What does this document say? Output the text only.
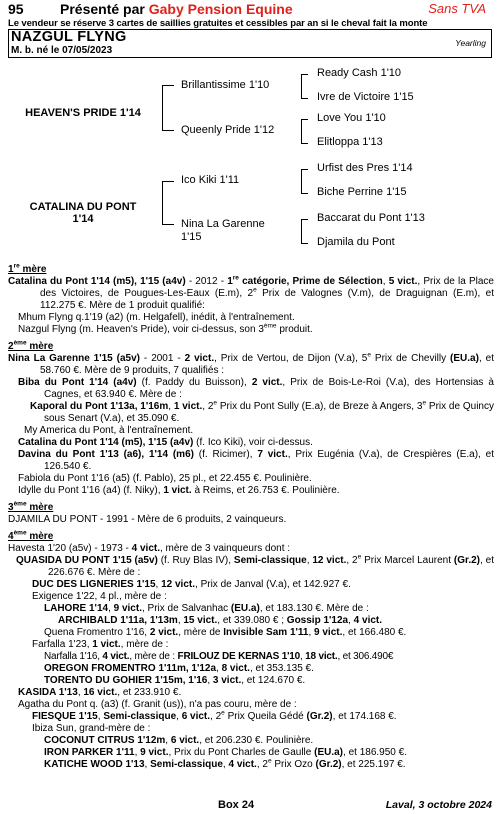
95	Présenté par Gaby Pension Equine	Sans TVA
Le vendeur se réserve 3 cartes de saillies gratuites et cessibles par an si le cheval fait la monte
NAZGUL FLYNG
M. b. né le 07/05/2023
Yearling
HEAVEN'S PRIDE 1'14
CATALINA DU PONT
1'14
Brillantissime 1'10
Queenly Pride 1'12
Ico Kiki 1'11
Nina La Garenne
1'15
Ready Cash 1'10
Ivre de Victoire 1'15
Love You 1'10
Elitloppa 1'13
Urfist des Pres 1'14
Biche Perrine 1'15
Baccarat du Pont 1'13
Djamila du Pont

1re mère

Catalina du Pont 1'14 (m5), 1'15 (a4v) - 2012 - 1re catégorie, Prime de Sélection, 5 vict., Prix de la Place des Victoires, de Pougues-Les-Eaux (E.m), 2e Prix de Valognes (V.m), de Draguignan (E.m), et 112.275 €. Mère de 1 produit qualifié:

Mhum Flyng q.1'19 (a2) (m. Helgafell), inédit, à l'entraînement.

Nazgul Flyng (m. Heaven's Pride), voir ci-dessus, son 3ème produit.

2ème mère

Nina La Garenne 1'15 (a5v) - 2001 - 2 vict., Prix de Vertou, de Dijon (V.a), 5e Prix de Chevilly (EU.a), et 58.760 €. Mère de 9 produits, 7 qualifiés :

Biba du Pont 1'14 (a4v) (f. Paddy du Buisson), 2 vict., Prix de Bois-Le-Roi (V.a), des Hortensias à Cagnes, et 63.940 €. Mère de :

Kaporal du Pont 1'13a, 1'16m, 1 vict., 2e Prix du Pont Sully (E.a), de Breze à Angers, 3e Prix de Quincy sous Senart (V.a), et 35.090 €.

My America du Pont, à l'entraînement.

Catalina du Pont 1'14 (m5), 1'15 (a4v) (f. Ico Kiki), voir ci-dessus.

Davina du Pont 1'13 (a6), 1'14 (m6) (f. Ricimer), 7 vict., Prix Eugénia (V.a), de Crespières (E.a), et 126.540 €.

Fabiola du Pont 1'16 (a5) (f. Pablo), 25 pl., et 22.455 €. Poulinière.

Idylle du Pont 1'16 (a4) (f. Niky), 1 vict. à Reims, et 26.753 €. Poulinière.

3ème mère

DJAMILA DU PONT - 1991 - Mère de 6 produits, 2 vainqueurs.

4ème mère

Havesta 1'20 (a5v) - 1973 - 4 vict., mère de 3 vainqueurs dont :

QUASIDA DU PONT 1'15 (a5v) (f. Ruy Blas IV), Semi-classique, 12 vict., 2e Prix Marcel Laurent (Gr.2), et 226.676 €. Mère de :

DUC DES LIGNERIES 1'15, 12 vict., Prix de Janval (V.a), et 142.927 €.

Exigence 1'22, 4 pl., mère de :

LAHORE 1'14, 9 vict., Prix de Salvanhac (EU.a), et 183.130 €. Mère de :

ARCHIBALD 1'11a, 1'13m, 15 vict., et 339.080 € ; Gossip 1'12a, 4 vict.

Quena Fromentro 1'16, 2 vict., mère de Invisible Sam 1'11, 9 vict., et 166.480 €.

Farfalla 1'23, 1 vict., mère de :

Narfalla 1'16, 4 vict., mère de : FRILOUZ DE KERNAS 1'10, 18 vict., et 306.490€

OREGON FROMENTRO 1'11m, 1'12a, 8 vict., et 353.135 €.

TORENTO DU GOHIER 1'15m, 1'16, 3 vict., et 124.670 €.

KASIDA 1'13, 16 vict., et 233.910 €.

Agatha du Pont q. (a3) (f. Granit (us)), n'a pas couru, mère de :

FIESQUE 1'15, Semi-classique, 6 vict., 2e Prix Queila Gédé (Gr.2), et 174.168 €.

Ibiza Sun, grand-mère de :

COCONUT CITRUS 1'12m, 6 vict., et 206.230 €. Poulinière.

IRON PARKER 1'11, 9 vict., Prix du Pont Charles de Gaulle (EU.a), et 186.950 €.

KATICHE WOOD 1'13, Semi-classique, 4 vict., 2e Prix Ozo (Gr.2), et 225.197 €.

Box 24	Laval, 3 octobre 2024
